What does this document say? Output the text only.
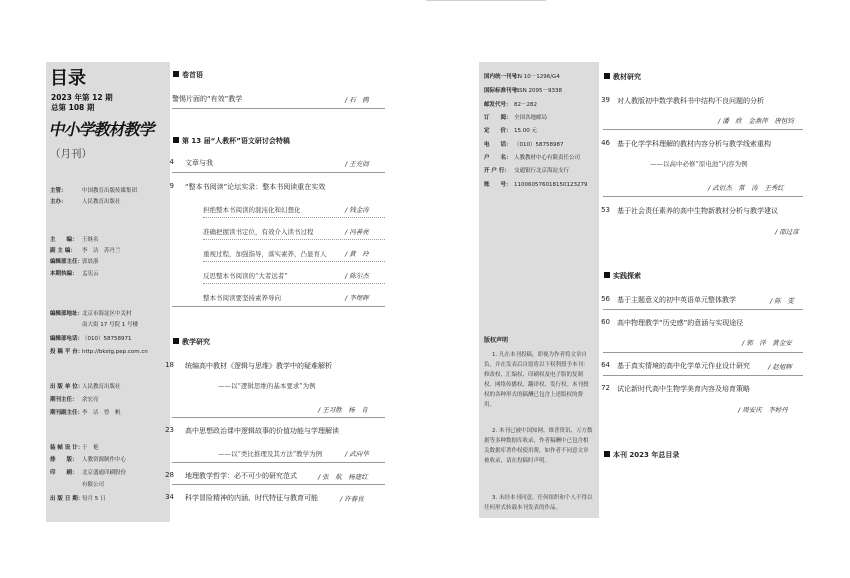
目录
2023 年第 12 期
总第 108 期
中小学教材教学
（月刊）
主管：	中国教育出版传媒集团
主办：	人民教育出版社
主　　编： 王继名
副 主 编： 李　洁　苏丹兰
编辑部主任：郭晨浙
本期执编： 孟宪云
编辑部地址：北京市海淀区中关村
南大街 17 号院 1 号楼
编辑部电话：（010）58758971
投 稿 平 台：http://bkstg.pep.com.cn
出 版 单 位：人民教育出版社
期刊主任： 余宏亮
期刊副主任：李　洁　曾　帆
装 帧 设 计：于　艳
排　　版： 人教资源制作中心
印　　刷： 北京盛通印刷股份
有限公司
出 版 日 期：每月 5 日
国内统一刊号：CN 10－1296/G4
国际标准刊号：ISSN 2095－9338
邮发代号： 82－282
订　　阅： 全国各地邮局
定　　价： 15.00 元
电　　话： （010）58758987
户　　名： 人教教材中心有限责任公司
开 户 行： 交通银行北京海淀支行
账　　号： 110060576018150123279
版权声明
1. 凡在本刊投稿，即视为作者将文章自负，并在发表后自愿将以下权利授予本刊：修改权、汇编权、印刷权及电子版的复制权、网络传播权、翻译权、发行权。本刊授权的各种形式的稿酬已包含上述版权的费用。
2. 本刊已被中国知网、维普资讯、万方数据等多种数据库收录，作者稿酬中已包含相关数据库著作权使用费，如作者不同意文章被收录，请在投稿时声明。
3. 未经本刊同意，任何组织和个人不得以任何形式转载本刊发表的作品。
卷首语
警惕片面的“有效”教学	/ 石　鸥
第 13 届“人教杯”语文研讨会特稿
4 文章与我	/ 王充闾
9 “整本书阅读”论坛实录：整本书阅读重在实效
担绝整本书阅读的混沌化和幻想化	/ 钱金涛
准确把握读书定位，有效介入读书过程	/ 冯善亮
重视过程，加强指导，落实素养，凸显育人	/ 黄　玲
反思整本书阅读的“大者远者”	/ 陈尔杰
整本书阅读要坚持素养导向	/ 李煜晖
教学研究
18 统编高中教材《逻辑与思维》教学中的疑难解析
——以“逻辑思维的基本要求”为例
/ 王习胜　杨　肯
23 高中思想政治课中逻辑故事的价值功能与学理解读
——以“类比推理及其方法”教学为例	/ 武向华
28 地理教学哲学：必不可少的研究范式	/ 张　航　杨建红
34 科学冒险精神的内涵、时代特征与教育可能	/ 许春良
教材研究
39 对人教版初中数学教科书中结构不良问题的分析
/ 潘　欣　金燕萍　唐恒钧
46 基于化学学科理解的教材内容分析与教学线索重构
——以高中必修“原电池”内容为例
/ 武衍杰　常　涛　王秀红
53 基于社会责任素养的高中生物新教材分析与教学建议
/ 邵过彦
实践探索
56 基于主题意义的初中英语单元整体教学	/ 陈　雯
60 高中物理教学“历史感”的意涵与实现途径
/ 郭　洋　黄金安
64 基于真实情境的高中化学单元作业设计研究	/ 赵旭辉
72 试论新时代高中生物学美育内容及培育策略
/ 周安庆　李婷丹
本刊 2023 年总目录
